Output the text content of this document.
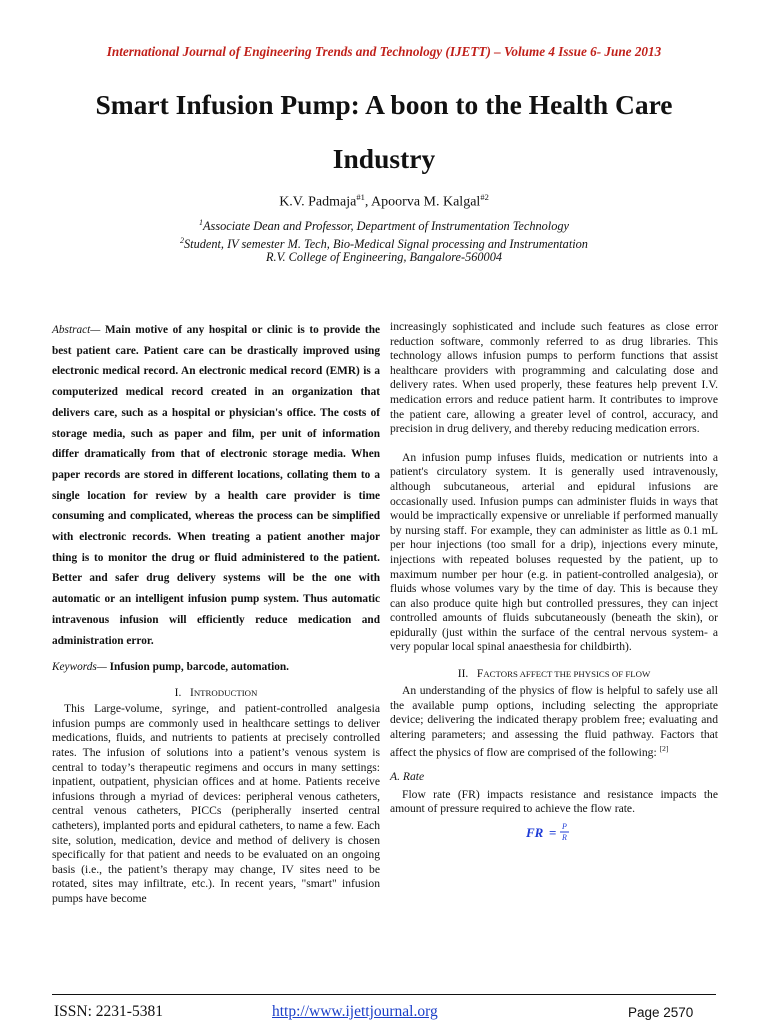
International Journal of Engineering Trends and Technology (IJETT) – Volume 4 Issue 6- June 2013
Smart Infusion Pump: A boon to the Health Care
Industry
K.V. Padmaja$^{\#1}$, Apoorva M. Kalgal$^{\#2}$
$^1$Associate Dean and Professor, Department of Instrumentation Technology
$^2$Student, IV semester M. Tech, Bio-Medical Signal processing and Instrumentation
R.V. College of Engineering, Bangalore-560004

Abstract— Main motive of any hospital or clinic is to provide the best patient care. Patient care can be drastically improved using electronic medical record. An electronic medical record (EMR) is a computerized medical record created in an organization that delivers care, such as a hospital or physician's office. The costs of storage media, such as paper and film, per unit of information differ dramatically from that of electronic storage media. When paper records are stored in different locations, collating them to a single location for review by a health care provider is time consuming and complicated, whereas the process can be simplified with electronic records. When treating a patient another major thing is to monitor the drug or fluid administered to the patient. Better and safer drug delivery systems will be the one with automatic or an intelligent infusion pump system. Thus automatic intravenous infusion will efficiently reduce medication and administration error.

Keywords— Infusion pump, barcode, automation.
I. INTRODUCTION

This Large-volume, syringe, and patient-controlled analgesia infusion pumps are commonly used in healthcare settings to deliver medications, fluids, and nutrients to patients at precisely controlled rates. The infusion of solutions into a patient’s venous system is central to today’s therapeutic regimens and occurs in many settings: inpatient, outpatient, physician offices and at home. Patients receive infusions through a myriad of devices: peripheral venous catheters, central venous catheters, PICCs (peripherally inserted central catheters), implanted ports and epidural catheters, to name a few. Each site, solution, medication, device and method of delivery is chosen specifically for that patient and needs to be evaluated on an ongoing basis (i.e., the patient’s therapy may change, IV sites need to be rotated, sites may infiltrate, etc.). In recent years, "smart" infusion pumps have become

increasingly sophisticated and include such features as close error reduction software, commonly referred to as drug libraries. This technology allows infusion pumps to perform functions that assist healthcare providers with programming and calculating dose and delivery rates. When used properly, these features help prevent I.V. medication errors and reduce patient harm. It contributes to improve the patient care, allowing a greater level of control, accuracy, and precision in drug delivery, and thereby reducing medication errors.

An infusion pump infuses fluids, medication or nutrients into a patient's circulatory system. It is generally used intravenously, although subcutaneous, arterial and epidural infusions are occasionally used. Infusion pumps can administer fluids in ways that would be impractically expensive or unreliable if performed manually by nursing staff. For example, they can administer as little as 0.1 mL per hour injections (too small for a drip), injections every minute, injections with repeated boluses requested by the patient, up to maximum number per hour (e.g. in patient-controlled analgesia), or fluids whose volumes vary by the time of day. This is because they can also produce quite high but controlled pressures, they can inject controlled amounts of fluids subcutaneously (beneath the skin), or epidurally (just within the surface of the central nervous system- a very popular local spinal anaesthesia for childbirth).

II. FACTORS AFFECT THE PHYSICS OF FLOW

An understanding of the physics of flow is helpful to safely use all the available pump options, including selecting the appropriate device; delivering the indicated therapy problem free; evaluating and altering parameters; and assessing the fluid pathway. Factors that affect the physics of flow are comprised of the following: [2]

A. Rate

Flow rate (FR) impacts resistance and resistance impacts the amount of pressure required to achieve the flow rate.

FR = P
R
ISSN: 2231-5381	http://www.ijettjournal.org	Page 2570
